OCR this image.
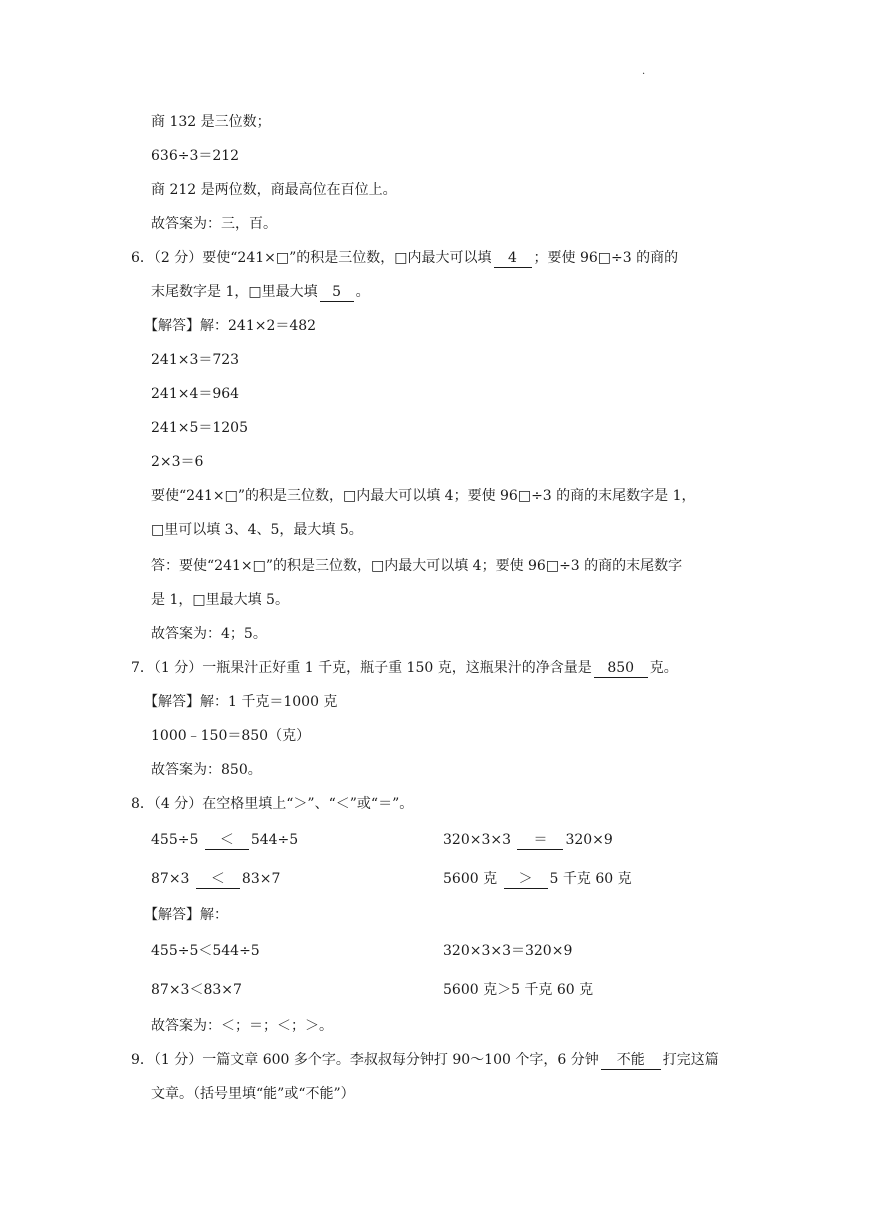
.
商 132 是三位数；
636÷3＝212
商 212 是两位数，商最高位在百位上。
故答案为：三，百。
6．（2 分）要使“241×□”的积是三位数，□内最大可以填 4 ；要使 96□÷3 的商的
末尾数字是 1，□里最大填 5 。
【解答】解：241×2＝482
241×3＝723
241×4＝964
241×5＝1205
2×3＝6
要使“241×□”的积是三位数，□内最大可以填 4；要使 96□÷3 的商的末尾数字是 1，
□里可以填 3、4、5，最大填 5。
答：要使“241×□”的积是三位数，□内最大可以填 4；要使 96□÷3 的商的末尾数字
是 1，□里最大填 5。
故答案为：4；5。
7．（1 分）一瓶果汁正好重 1 千克，瓶子重 150 克，这瓶果汁的净含量是 850 克。
【解答】解：1 千克＝1000 克
1000﹣150＝850（克）
故答案为：850。
8．（4 分）在空格里填上“＞”、“＜”或“＝”。
455÷5 ＜ 544÷5	320×3×3 ＝ 320×9
87×3 ＜ 83×7	5600 克 ＞ 5 千克 60 克
【解答】解：
455÷5＜544÷5	320×3×3＝320×9
87×3＜83×7	5600 克＞5 千克 60 克
故答案为：＜；＝；＜；＞。
9．（1 分）一篇文章 600 多个字。李叔叔每分钟打 90～100 个字，6 分钟 不能 打完这篇
文章。（括号里填“能”或“不能”）
